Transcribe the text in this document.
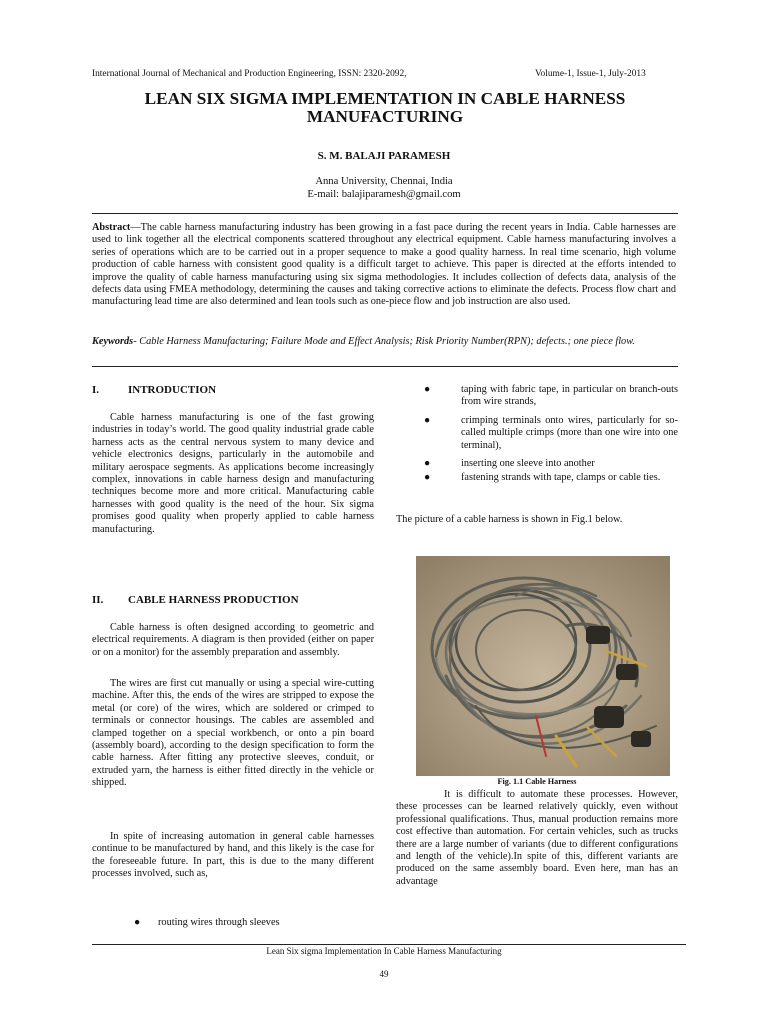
International Journal of Mechanical and Production Engineering, ISSN: 2320-2092,	Volume-1, Issue-1, July-2013
LEAN SIX SIGMA IMPLEMENTATION IN CABLE HARNESS
MANUFACTURING
S. M. BALAJI PARAMESH
Anna University, Chennai, India
E-mail: balajiparamesh@gmail.com
Abstract—The cable harness manufacturing industry has been growing in a fast pace during the recent years in India. Cable harnesses are used to link together all the electrical components scattered throughout any electrical equipment. Cable harness manufacturing involves a series of operations which are to be carried out in a proper sequence to make a good quality harness. In real time scenario, high volume production of cable harness with consistent good quality is a difficult target to achieve. This paper is directed at the efforts intended to improve the quality of cable harness manufacturing using six sigma methodologies. It includes collection of defects data, analysis of the defects data using FMEA methodology, determining the causes and taking corrective actions to eliminate the defects. Process flow chart and manufacturing lead time are also determined and lean tools such as one-piece flow and job instruction are also used.
Keywords- Cable Harness Manufacturing; Failure Mode and Effect Analysis; Risk Priority Number(RPN); defects.; one piece flow.
I.	INTRODUCTION
Cable harness manufacturing is one of the fast growing industries in today’s world. The good quality industrial grade cable harness acts as the central nervous system to many device and vehicle electronics designs, particularly in the automobile and military aerospace segments. As applications become increasingly complex, innovations in cable harness design and manufacturing techniques become more and more critical. Manufacturing cable harnesses with good quality is the need of the hour. Six sigma promises good quality when properly applied to cable harness manufacturing.
II. CABLE HARNESS PRODUCTION
Cable harness is often designed according to geometric and electrical requirements. A diagram is then provided (either on paper or on a monitor) for the assembly preparation and assembly.
The wires are first cut manually or using a special wire-cutting machine. After this, the ends of the wires are stripped to expose the metal (or core) of the wires, which are soldered or crimped to terminals or connector housings. The cables are assembled and clamped together on a special workbench, or onto a pin board (assembly board), according to the design specification to form the cable harness. After fitting any protective sleeves, conduit, or extruded yarn, the harness is either fitted directly in the vehicle or shipped.
In spite of increasing automation in general cable harnesses continue to be manufactured by hand, and this likely is the case for the foreseeable future. In part, this is due to the many different processes involved, such as,
● routing wires through sleeves
●	taping with fabric tape, in particular on branch-outs from wire strands,
●	crimping terminals onto wires, particularly for so-called multiple crimps (more than one wire into one terminal),
●	inserting one sleeve into another
●	fastening strands with tape, clamps or cable ties.
The picture of a cable harness is shown in Fig.1 below.
Fig. 1.1 Cable Harness
It is difficult to automate these processes. However, these processes can be learned relatively quickly, even without professional qualifications. Thus, manual production remains more cost effective than automation. For certain vehicles, such as trucks there are a large number of variants (due to different configurations and length of the vehicle).In spite of this, different variants are produced on the same assembly board. Even here, man has an advantage
Lean Six sigma Implementation In Cable Harness Manufacturing
49
